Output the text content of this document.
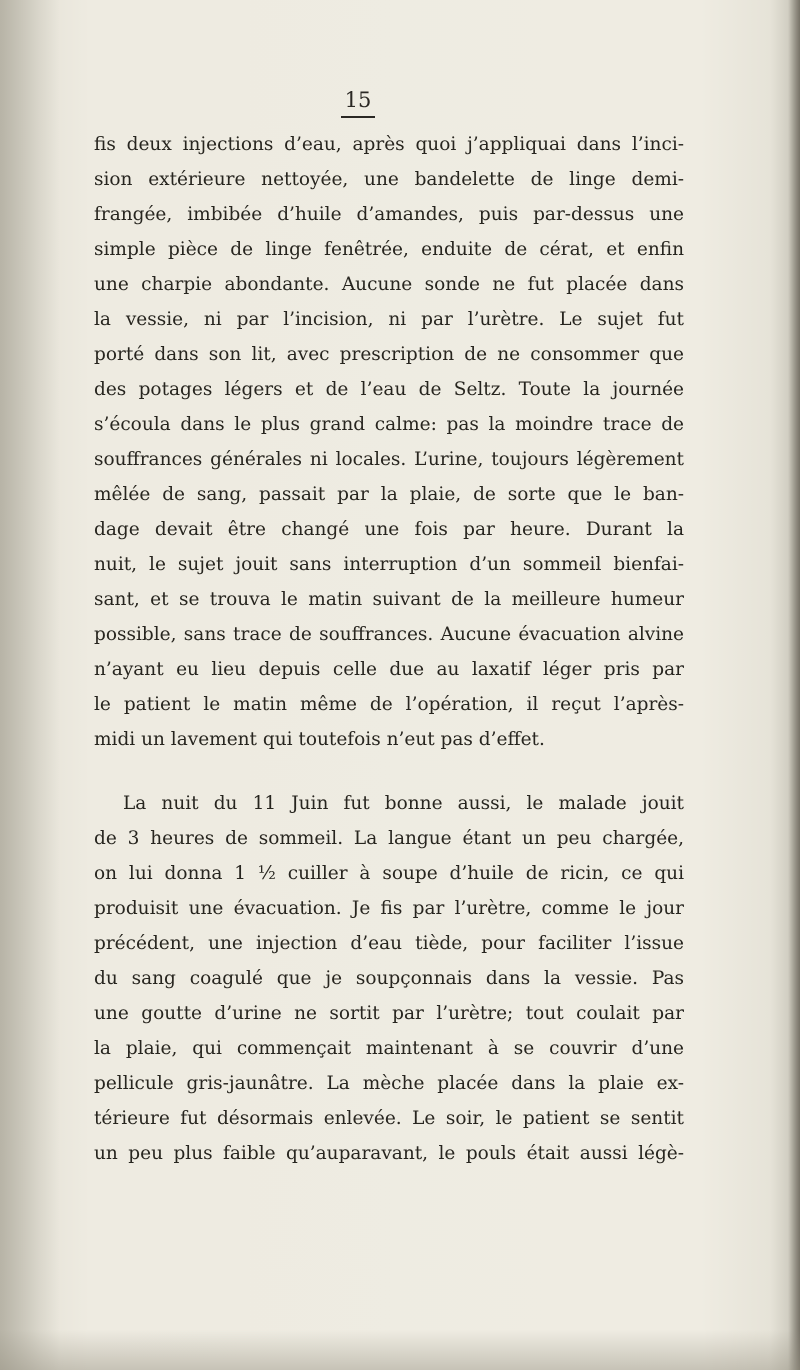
15
fis deux injections d’eau, après quoi j’appliquai dans l’inci-
sion extérieure nettoyée, une bandelette de linge demi-
frangée, imbibée d’huile d’amandes, puis par-dessus une
simple pièce de linge fenêtrée, enduite de cérat, et enfin
une charpie abondante. Aucune sonde ne fut placée dans
la vessie, ni par l’incision, ni par l’urètre. Le sujet fut
porté dans son lit, avec prescription de ne consommer que
des potages légers et de l’eau de Seltz. Toute la journée
s’écoula dans le plus grand calme: pas la moindre trace de
souffrances générales ni locales. L’urine, toujours légèrement
mêlée de sang, passait par la plaie, de sorte que le ban-
dage devait être changé une fois par heure. Durant la
nuit, le sujet jouit sans interruption d’un sommeil bienfai-
sant, et se trouva le matin suivant de la meilleure humeur
possible, sans trace de souffrances. Aucune évacuation alvine
n’ayant eu lieu depuis celle due au laxatif léger pris par
le patient le matin même de l’opération, il reçut l’après-
midi un lavement qui toutefois n’eut pas d’effet.
La nuit du 11 Juin fut bonne aussi, le malade jouit
de 3 heures de sommeil. La langue étant un peu chargée,
on lui donna 1 ½ cuiller à soupe d’huile de ricin, ce qui
produisit une évacuation. Je fis par l’urètre, comme le jour
précédent, une injection d’eau tiède, pour faciliter l’issue
du sang coagulé que je soupçonnais dans la vessie. Pas
une goutte d’urine ne sortit par l’urètre; tout coulait par
la plaie, qui commençait maintenant à se couvrir d’une
pellicule gris-jaunâtre. La mèche placée dans la plaie ex-
térieure fut désormais enlevée. Le soir, le patient se sentit
un peu plus faible qu’auparavant, le pouls était aussi légè-
